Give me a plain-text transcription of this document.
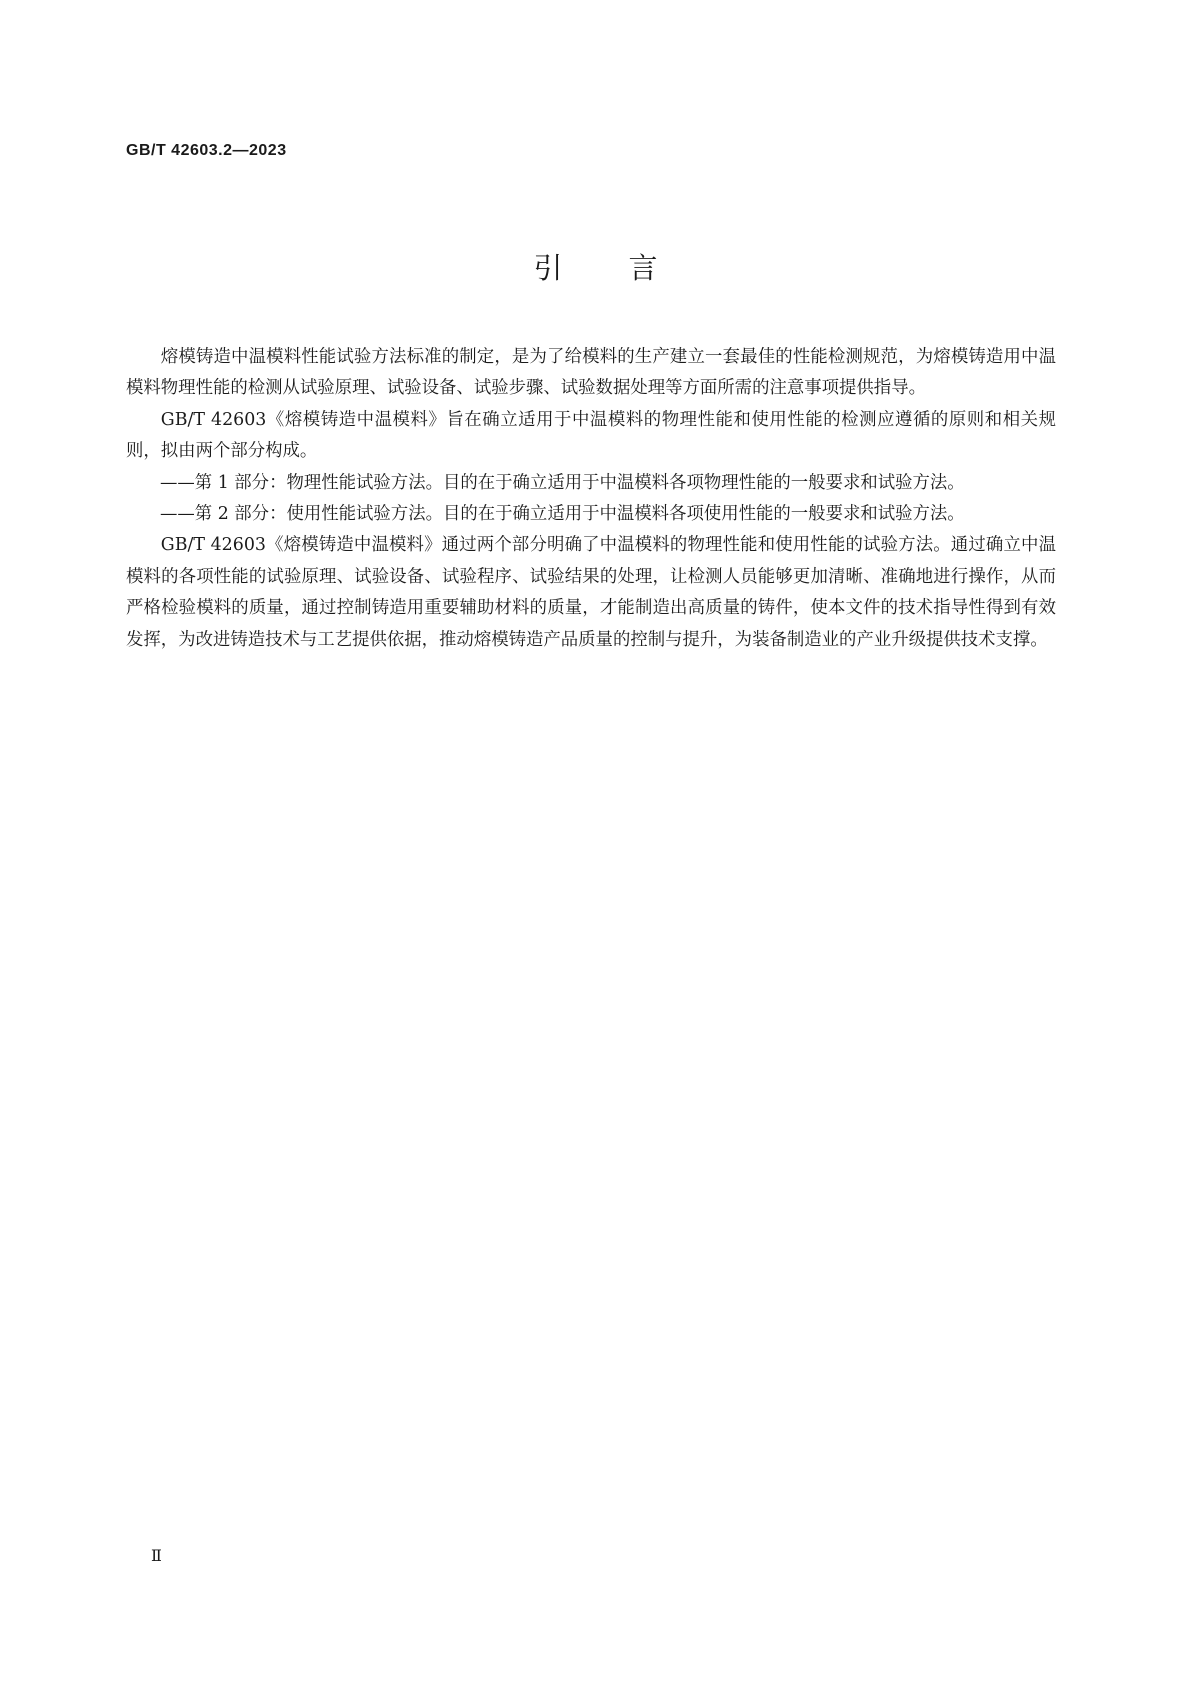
GB/T 42603.2—2023
引言

熔模铸造中温模料性能试验方法标准的制定，是为了给模料的生产建立一套最佳的性能检测规范，为熔模铸造用中温模料物理性能的检测从试验原理、试验设备、试验步骤、试验数据处理等方面所需的注意事项提供指导。

GB/T 42603《熔模铸造中温模料》旨在确立适用于中温模料的物理性能和使用性能的检测应遵循的原则和相关规则，拟由两个部分构成。

——第 1 部分：物理性能试验方法。目的在于确立适用于中温模料各项物理性能的一般要求和试验方法。

——第 2 部分：使用性能试验方法。目的在于确立适用于中温模料各项使用性能的一般要求和试验方法。

GB/T 42603《熔模铸造中温模料》通过两个部分明确了中温模料的物理性能和使用性能的试验方法。通过确立中温模料的各项性能的试验原理、试验设备、试验程序、试验结果的处理，让检测人员能够更加清晰、准确地进行操作，从而严格检验模料的质量，通过控制铸造用重要辅助材料的质量，才能制造出高质量的铸件，使本文件的技术指导性得到有效发挥，为改进铸造技术与工艺提供依据，推动熔模铸造产品质量的控制与提升，为装备制造业的产业升级提供技术支撑。

Ⅱ
